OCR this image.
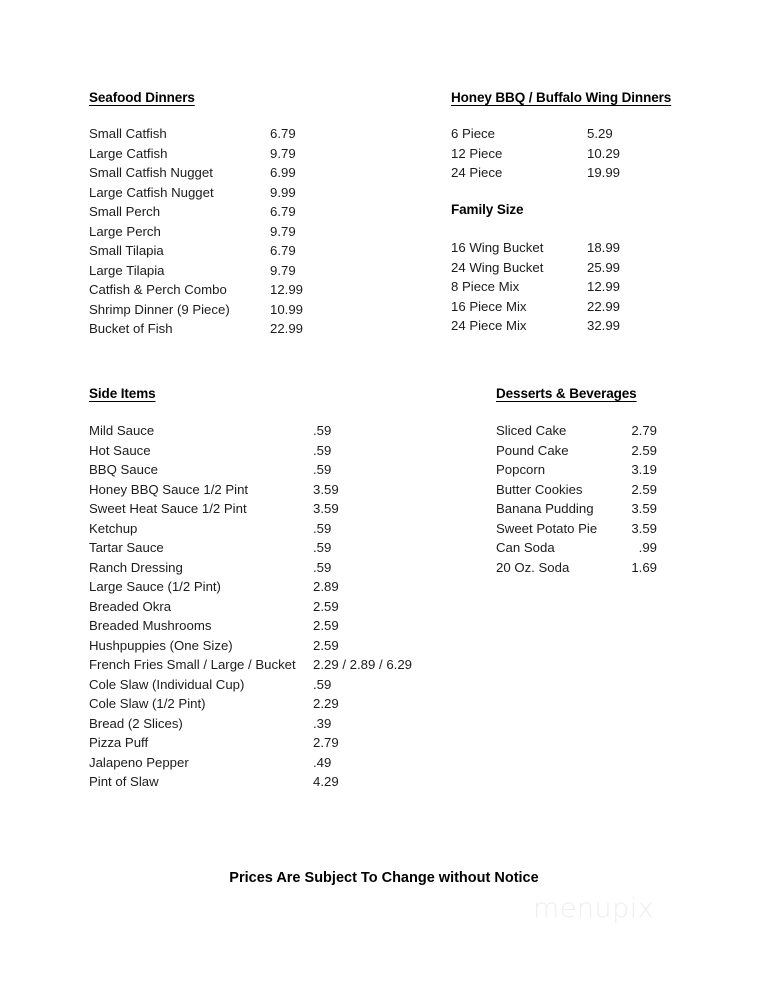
Seafood Dinners
Small Catfish	6.79
Large Catfish	9.79
Small Catfish Nugget	6.99
Large Catfish Nugget	9.99
Small Perch	6.79
Large Perch	9.79
Small Tilapia	6.79
Large Tilapia	9.79
Catfish & Perch Combo	12.99
Shrimp Dinner (9 Piece)	10.99
Bucket of Fish	22.99
Honey BBQ / Buffalo Wing Dinners
6 Piece	5.29
12 Piece	10.29
24 Piece	19.99
Family Size
16 Wing Bucket	18.99
24 Wing Bucket	25.99
8 Piece Mix	12.99
16 Piece Mix	22.99
24 Piece Mix	32.99
Side Items
Mild Sauce	.59
Hot Sauce	.59
BBQ Sauce	.59
Honey BBQ Sauce 1/2 Pint	3.59
Sweet Heat Sauce 1/2 Pint	3.59
Ketchup	.59
Tartar Sauce	.59
Ranch Dressing	.59
Large Sauce (1/2 Pint)	2.89
Breaded Okra	2.59
Breaded Mushrooms	2.59
Hushpuppies (One Size)	2.59
French Fries Small / Large / Bucket	2.29 / 2.89 / 6.29
Cole Slaw (Individual Cup)	.59
Cole Slaw (1/2 Pint)	2.29
Bread (2 Slices)	.39
Pizza Puff	2.79
Jalapeno Pepper	.49
Pint of Slaw	4.29
Desserts & Beverages
Sliced Cake	2.79
Pound Cake	2.59
Popcorn	3.19
Butter Cookies	2.59
Banana Pudding	3.59
Sweet Potato Pie	3.59
Can Soda	.99
20 Oz. Soda	1.69
Prices Are Subject To Change without Notice
menupix
